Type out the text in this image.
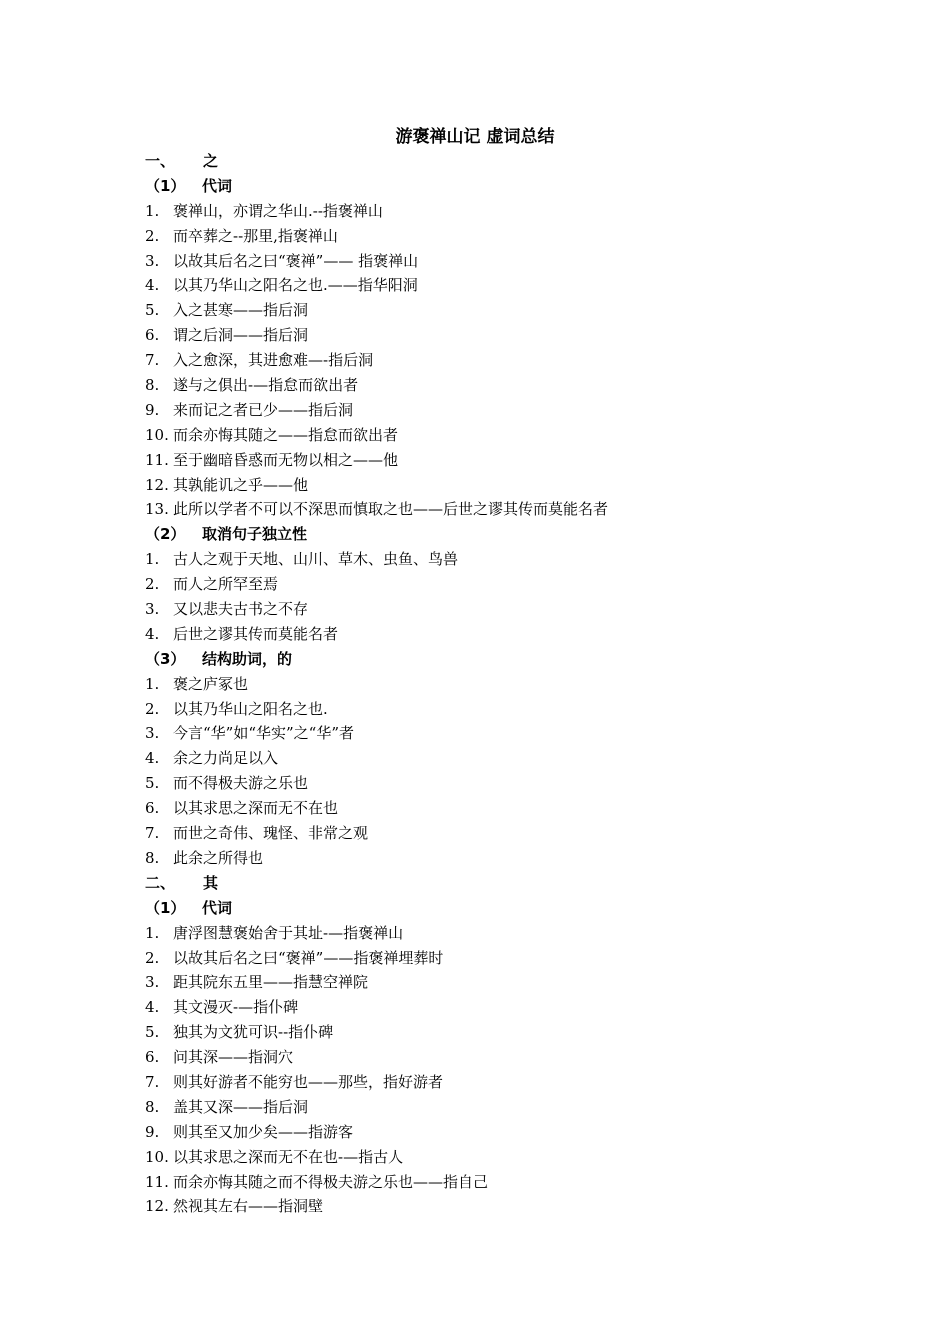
游褒禅山记 虚词总结
一、 之
（1） 代词
1. 褒禅山，亦谓之华山.--指褒禅山
2. 而卒葬之--那里,指褒禅山
3. 以故其后名之曰“褒禅”—— 指褒禅山
4. 以其乃华山之阳名之也.——指华阳洞
5. 入之甚寒——指后洞
6. 谓之后洞——指后洞
7. 入之愈深，其进愈难—-指后洞
8. 遂与之俱出-—指怠而欲出者
9. 来而记之者已少——指后洞
10. 而余亦悔其随之——指怠而欲出者
11. 至于幽暗昏惑而无物以相之——他
12. 其孰能讥之乎——他
13. 此所以学者不可以不深思而慎取之也——后世之谬其传而莫能名者
（2） 取消句子独立性
1. 古人之观于天地、山川、草木、虫鱼、鸟兽
2. 而人之所罕至焉
3. 又以悲夫古书之不存
4. 后世之谬其传而莫能名者
（3） 结构助词，的
1. 褒之庐冢也
2. 以其乃华山之阳名之也.
3. 今言“华”如“华实”之“华”者
4. 余之力尚足以入
5. 而不得极夫游之乐也
6. 以其求思之深而无不在也
7. 而世之奇伟、瑰怪、非常之观
8. 此余之所得也
二、 其
（1） 代词
1. 唐浮图慧褒始舍于其址-—指褒禅山
2. 以故其后名之曰“褒禅”——指褒禅埋葬时
3. 距其院东五里——指慧空禅院
4. 其文漫灭-—指仆碑
5. 独其为文犹可识--指仆碑
6. 问其深——指洞穴
7. 则其好游者不能穷也——那些，指好游者
8. 盖其又深——指后洞
9. 则其至又加少矣——指游客
10. 以其求思之深而无不在也-—指古人
11. 而余亦悔其随之而不得极夫游之乐也——指自己
12. 然视其左右——指洞壁
